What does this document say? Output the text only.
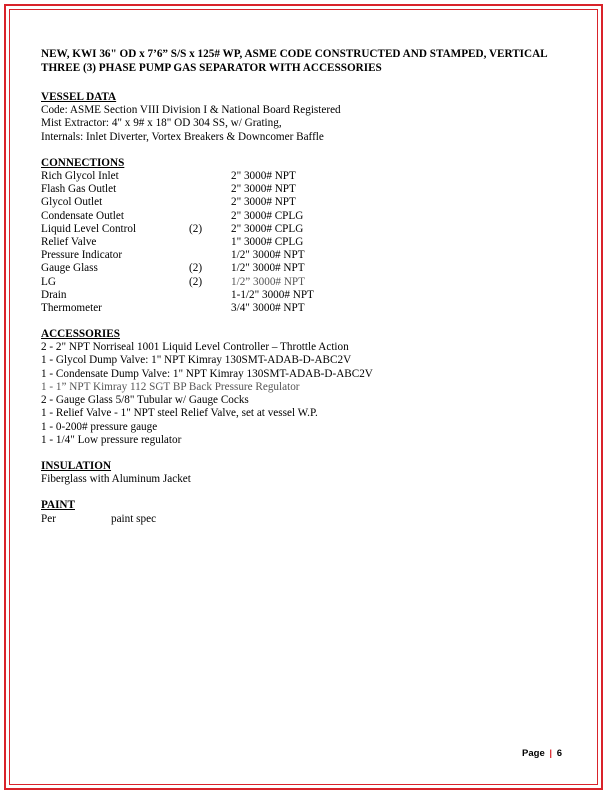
NEW, KWI 36" OD x 7’6” S/S x 125# WP, ASME CODE CONSTRUCTED AND STAMPED, VERTICAL
THREE (3) PHASE PUMP GAS SEPARATOR WITH ACCESSORIES
VESSEL DATA
Code: ASME Section VIII Division I & National Board Registered
Mist Extractor: 4" x 9# x 18" OD 304 SS, w/ Grating,
Internals: Inlet Diverter, Vortex Breakers & Downcomer Baffle
CONNECTIONS
Rich Glycol Inlet	2" 3000# NPT
Flash Gas Outlet	2" 3000# NPT
Glycol Outlet	2" 3000# NPT
Condensate Outlet	2" 3000# CPLG
Liquid Level Control	(2)	2" 3000# CPLG
Relief Valve	1" 3000# CPLG
Pressure Indicator	1/2" 3000# NPT
Gauge Glass	(2)	1/2" 3000# NPT
LG	(2)	1/2” 3000# NPT
Drain	1-1/2" 3000# NPT
Thermometer	3/4" 3000# NPT
ACCESSORIES
2 - 2" NPT Norriseal 1001 Liquid Level Controller – Throttle Action
1 - Glycol Dump Valve: 1" NPT Kimray 130SMT-ADAB-D-ABC2V
1 - Condensate Dump Valve: 1" NPT Kimray 130SMT-ADAB-D-ABC2V
1 - 1” NPT Kimray 112 SGT BP Back Pressure Regulator
2 - Gauge Glass 5/8" Tubular w/ Gauge Cocks
1 - Relief Valve - 1" NPT steel Relief Valve, set at vessel W.P.
1 - 0-200# pressure gauge
1 - 1/4" Low pressure regulator
INSULATION
Fiberglass with Aluminum Jacket
PAINT
Per	paint spec
Page | 6
